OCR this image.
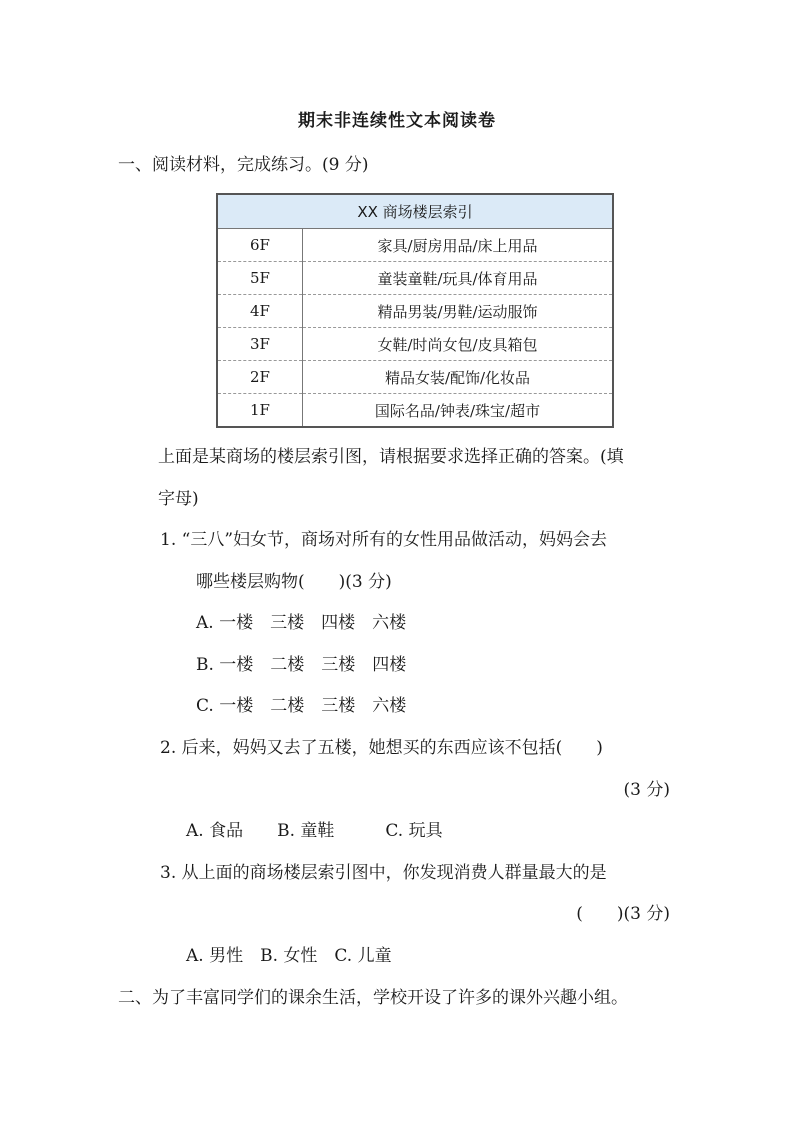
期末非连续性文本阅读卷
一、阅读材料，完成练习。(9 分)
XX 商场楼层索引	
6F	家具/厨房用品/床上用品
5F	童装童鞋/玩具/体育用品
4F	精品男装/男鞋/运动服饰
3F	女鞋/时尚女包/皮具箱包
2F	精品女装/配饰/化妆品
1F	国际名品/钟表/珠宝/超市
上面是某商场的楼层索引图，请根据要求选择正确的答案。(填
字母)
1. “三八”妇女节，商场对所有的女性用品做活动，妈妈会去
哪些楼层购物(　　)(3 分)
A. 一楼　三楼　四楼　六楼
B. 一楼　二楼　三楼　四楼
C. 一楼　二楼　三楼　六楼
2. 后来，妈妈又去了五楼，她想买的东西应该不包括(　　)
(3 分)
A. 食品　　B. 童鞋　　　C. 玩具
3. 从上面的商场楼层索引图中，你发现消费人群量最大的是
(　　)(3 分)
A. 男性　B. 女性　C. 儿童
二、为了丰富同学们的课余生活，学校开设了许多的课外兴趣小组。
